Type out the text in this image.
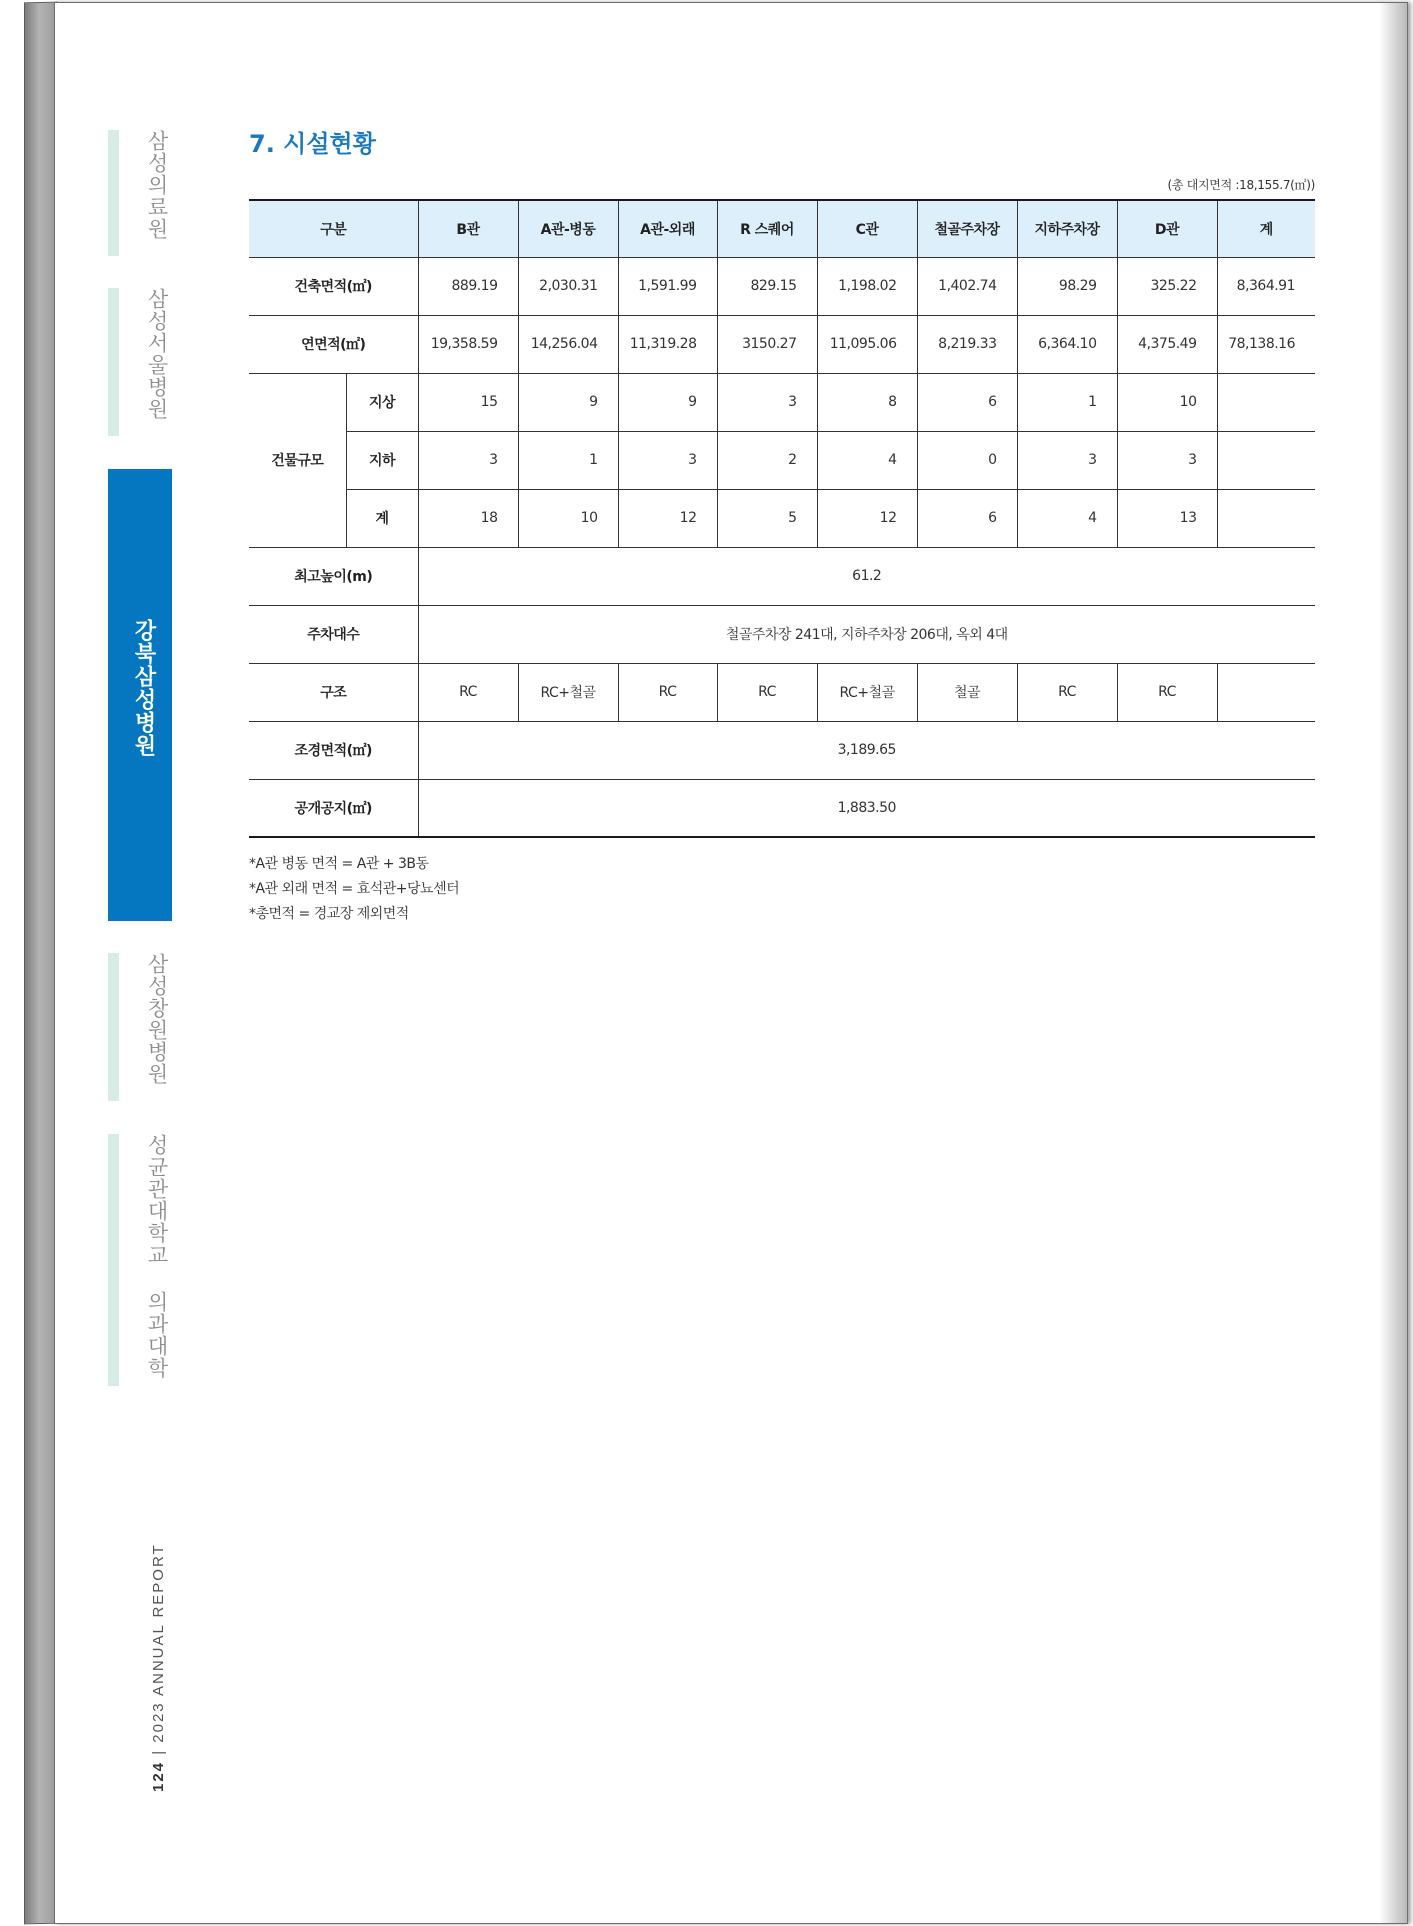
삼성의료원
삼성서울병원
강북삼성병원
삼성창원병원
성균관대학교 의과대학
124 | 2023 ANNUAL REPORT
7. 시설현황
(총 대지면적 :18,155.7(㎡))
구분		B관	A관-병동	A관-외래	R 스퀘어	C관	철골주차장	지하주차장	D관	계
건축면적(㎡)		889.19	2,030.31	1,591.99	829.15	1,198.02	1,402.74	98.29	325.22	8,364.91
연면적(㎡)		19,358.59	14,256.04	11,319.28	3150.27	11,095.06	8,219.33	6,364.10	4,375.49	78,138.16
건물규모	지상	15	9	9	3	8	6	1	10	
	지하	3	1	3	2	4	0	3	3	
	계	18	10	12	5	12	6	4	13	
최고높이(m)		61.2								
주차대수		철골주차장 241대, 지하주차장 206대, 옥외 4대								
구조		RC	RC+철골	RC	RC	RC+철골	철골	RC	RC	
조경면적(㎡)		3,189.65								
공개공지(㎡)		1,883.50								
*A관 병동 면적 = A관 + 3B동
*A관 외래 면적 = 효석관+당뇨센터
*총면적 = 경교장 제외면적
